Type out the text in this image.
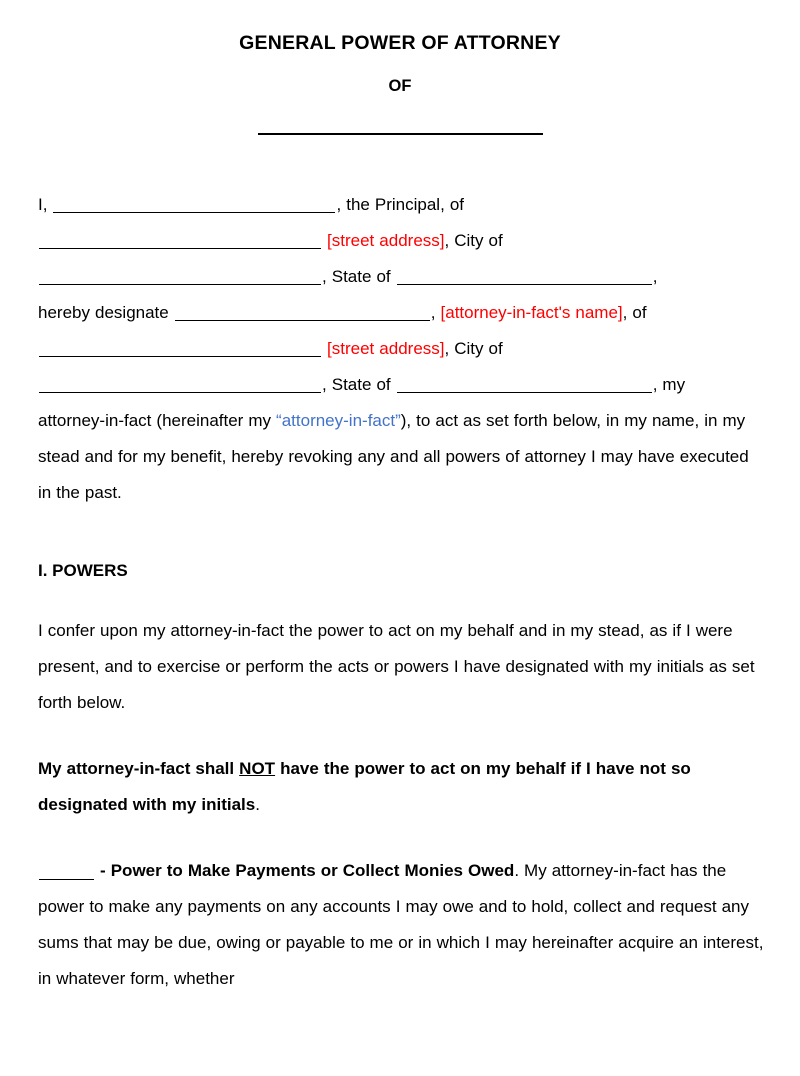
GENERAL POWER OF ATTORNEY
OF

I,	, the Principal, of

[street address], City of

, State of	,

hereby designate	, [attorney-in-fact's name], of

[street address], City of

, State of	, my

attorney-in-fact (hereinafter my “attorney-in-fact”), to act as set forth below, in my name, in my stead and for my benefit, hereby revoking any and all powers of attorney I may have executed in the past.

I. POWERS

I confer upon my attorney-in-fact the power to act on my behalf and in my stead, as if I were present, and to exercise or perform the acts or powers I have designated with my initials as set forth below.

My attorney-in-fact shall NOT have the power to act on my behalf if I have not so designated with my initials.

- Power to Make Payments or Collect Monies Owed. My attorney-in-fact has the power to make any payments on any accounts I may owe and to hold, collect and request any sums that may be due, owing or payable to me or in which I may hereinafter acquire an interest, in whatever form, whether
